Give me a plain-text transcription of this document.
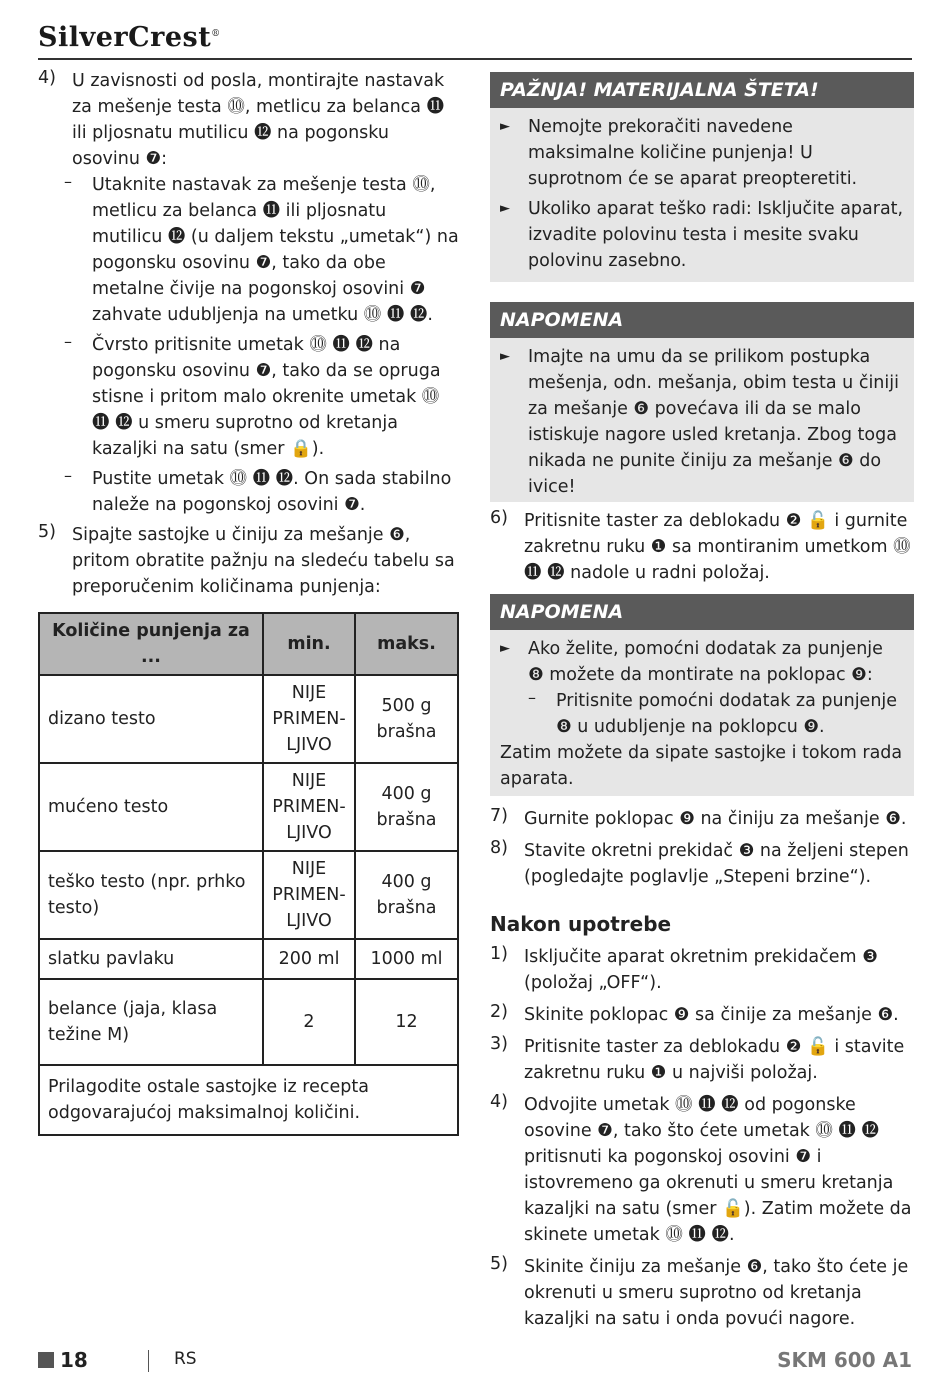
SilverCrest®
4) U zavisnosti od posla, montirajte nastavak za mešenje testa ⓾, metlicu za belanca ⓫ ili pljosnatu mutilicu ⓬ na pogonsku osovinu ❼:

–	Utaknite nastavak za mešenje testa ⓾, metlicu za belanca ⓫ ili pljosnatu mutilicu ⓬ (u daljem tekstu „umetak“) na pogonsku osovinu ❼, tako da obe metalne čivije na pogonskoj osovini ❼ zahvate udubljenja na umetku ⓾ ⓫ ⓬.

–	Čvrsto pritisnite umetak ⓾ ⓫ ⓬ na pogonsku osovinu ❼, tako da se opruga stisne i pritom malo okrenite umetak ⓾ ⓫ ⓬ u smeru suprotno od kretanja kazaljki na satu (smer 🔒).

–	Pustite umetak ⓾ ⓫ ⓬. On sada stabilno naleže na pogonskoj osovini ❼.

5) Sipajte sastojke u činiju za mešanje ❻, pritom obratite pažnju na sledeću tabelu sa preporučenim količinama punjenja:

Količine punjenja za ...	min.	maks.
dizano testo	NIJE PRIMEN-LJIVO	500 g brašna
mućeno testo	NIJE PRIMEN-LJIVO	400 g brašna
teško testo (npr. prhko testo)	NIJE PRIMEN-LJIVO	400 g brašna
slatku pavlaku	200 ml	1000 ml
belance (jaja, klasa težine M)	2	12
Prilagodite ostale sastojke iz recepta odgovarajućoj maksimalnoj količini.		
PAŽNJA! MATERIJALNA ŠTETA!
►	Nemojte prekoračiti navedene maksimalne količine punjenja! U suprotnom će se aparat preopteretiti.

►	Ukoliko aparat teško radi: Isključite aparat, izvadite polovinu testa i mesite svaku polovinu zasebno.

NAPOMENA
►	Imajte na umu da se prilikom postupka mešenja, odn. mešanja, obim testa u činiji za mešanje ❻ povećava ili da se malo istiskuje nagore usled kretanja. Zbog toga nikada ne punite činiju za mešanje ❻ do ivice!

6) Pritisnite taster za deblokadu ❷ 🔓 i gurnite zakretnu ruku ❶ sa montiranim umetkom ⓾ ⓫ ⓬ nadole u radni položaj.

NAPOMENA
►	Ako želite, pomoćni dodatak za punjenje ❽ možete da montirate na poklopac ❾:

–	Pritisnite pomoćni dodatak za punjenje ❽ u udubljenje na poklopcu ❾.

Zatim možete da sipate sastojke i tokom rada aparata.

7) Gurnite poklopac ❾ na činiju za mešanje ❻.

8) Stavite okretni prekidač ❸ na željeni stepen (pogledajte poglavlje „Stepeni brzine“).

Nakon upotrebe
1) Isključite aparat okretnim prekidačem ❸ (položaj „OFF“).

2) Skinite poklopac ❾ sa činije za mešanje ❻.

3) Pritisnite taster za deblokadu ❷ 🔓 i stavite zakretnu ruku ❶ u najviši položaj.

4) Odvojite umetak ⓾ ⓫ ⓬ od pogonske osovine ❼, tako što ćete umetak ⓾ ⓫ ⓬ pritisnuti ka pogonskoj osovini ❼ i istovremeno ga okrenuti u smeru kretanja kazaljki na satu (smer 🔓). Zatim možete da skinete umetak ⓾ ⓫ ⓬.

5) Skinite činiju za mešanje ❻, tako što ćete je okrenuti u smeru suprotno od kretanja kazaljki na satu i onda povući nagore.

18	RS	SKM 600 A1
